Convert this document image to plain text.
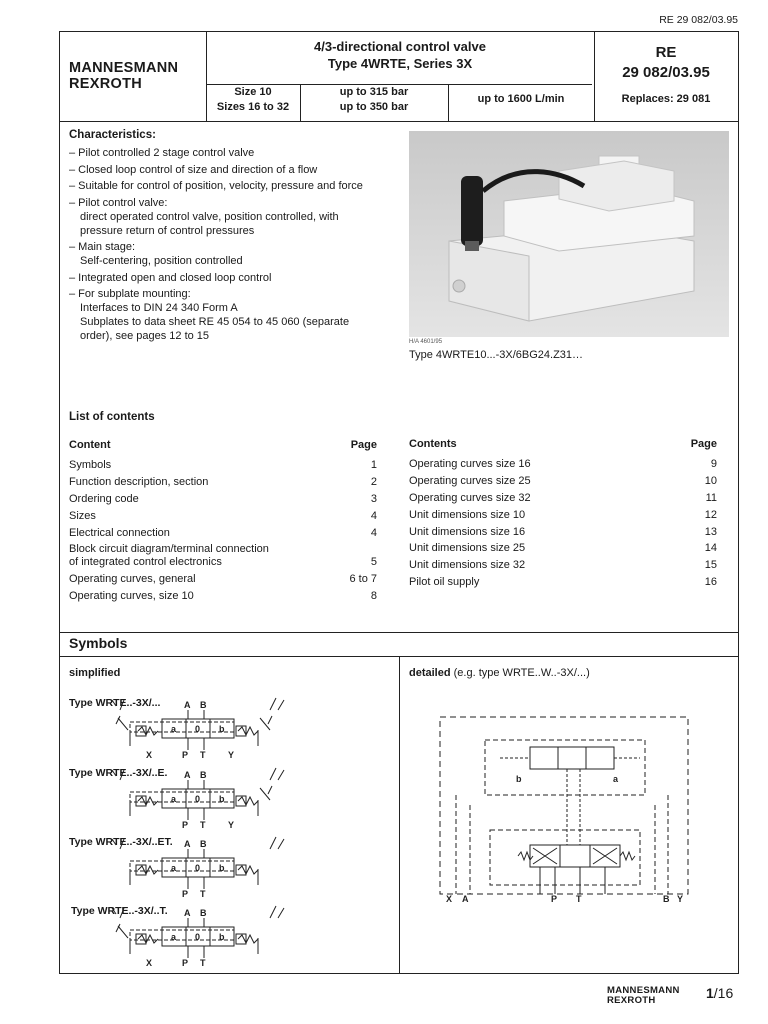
RE 29 082/03.95
MANNESMANN
REXROTH
4/3-directional control valve
Type 4WRTE, Series 3X
RE
29 082/03.95
Size 10
Sizes 16 to 32
up to 315 bar
up to 350 bar
up to 1600 L/min	Replaces: 29 081
Characteristics:
– Pilot controlled 2 stage control valve
– Closed loop control of size and direction of a flow
– Suitable for control of position, velocity, pressure and force
– Pilot control valve:
direct operated control valve, position controlled, with
pressure return of control pressures
– Main stage:
Self-centering, position controlled
– Integrated open and closed loop control
– For subplate mounting:
Interfaces to DIN 24 340 Form A
Subplates to data sheet RE 45 054 to 45 060 (separate
order), see pages 12 to 15	H/A 4601/95
Type 4WRTE10...-3X/6BG24.Z31…
List of contents
Content	Page	Contents	Page
Symbols	1
Function description, section	2
Ordering code	3
Sizes	4
Electrical connection	4
Block circuit diagram/terminal connection
of integrated control electronics	5
Operating curves, general	6 to 7
Operating curves, size 10	8
Operating curves size 16	9
Operating curves size 25	10
Operating curves size 32	11
Unit dimensions size 10	12
Unit dimensions size 16	13
Unit dimensions size 25	14
Unit dimensions size 32	15
Pilot oil supply	16
Symbols
simplified	detailed (e.g. type WRTE..W..-3X/...)
Type WRTE..-3X/...	A B
a 0 b
X	P T	Y
Type WRTE..-3X/..E. A B
a 0 b
P T	Y
Type WRTE..-3X/..ET. A B
a 0 b
P T
Type WRTE..-3X/..T. A B
a 0 b
X	P T
b	a
X A	P T	B Y
MANNESMANN
REXROTH	1/16
